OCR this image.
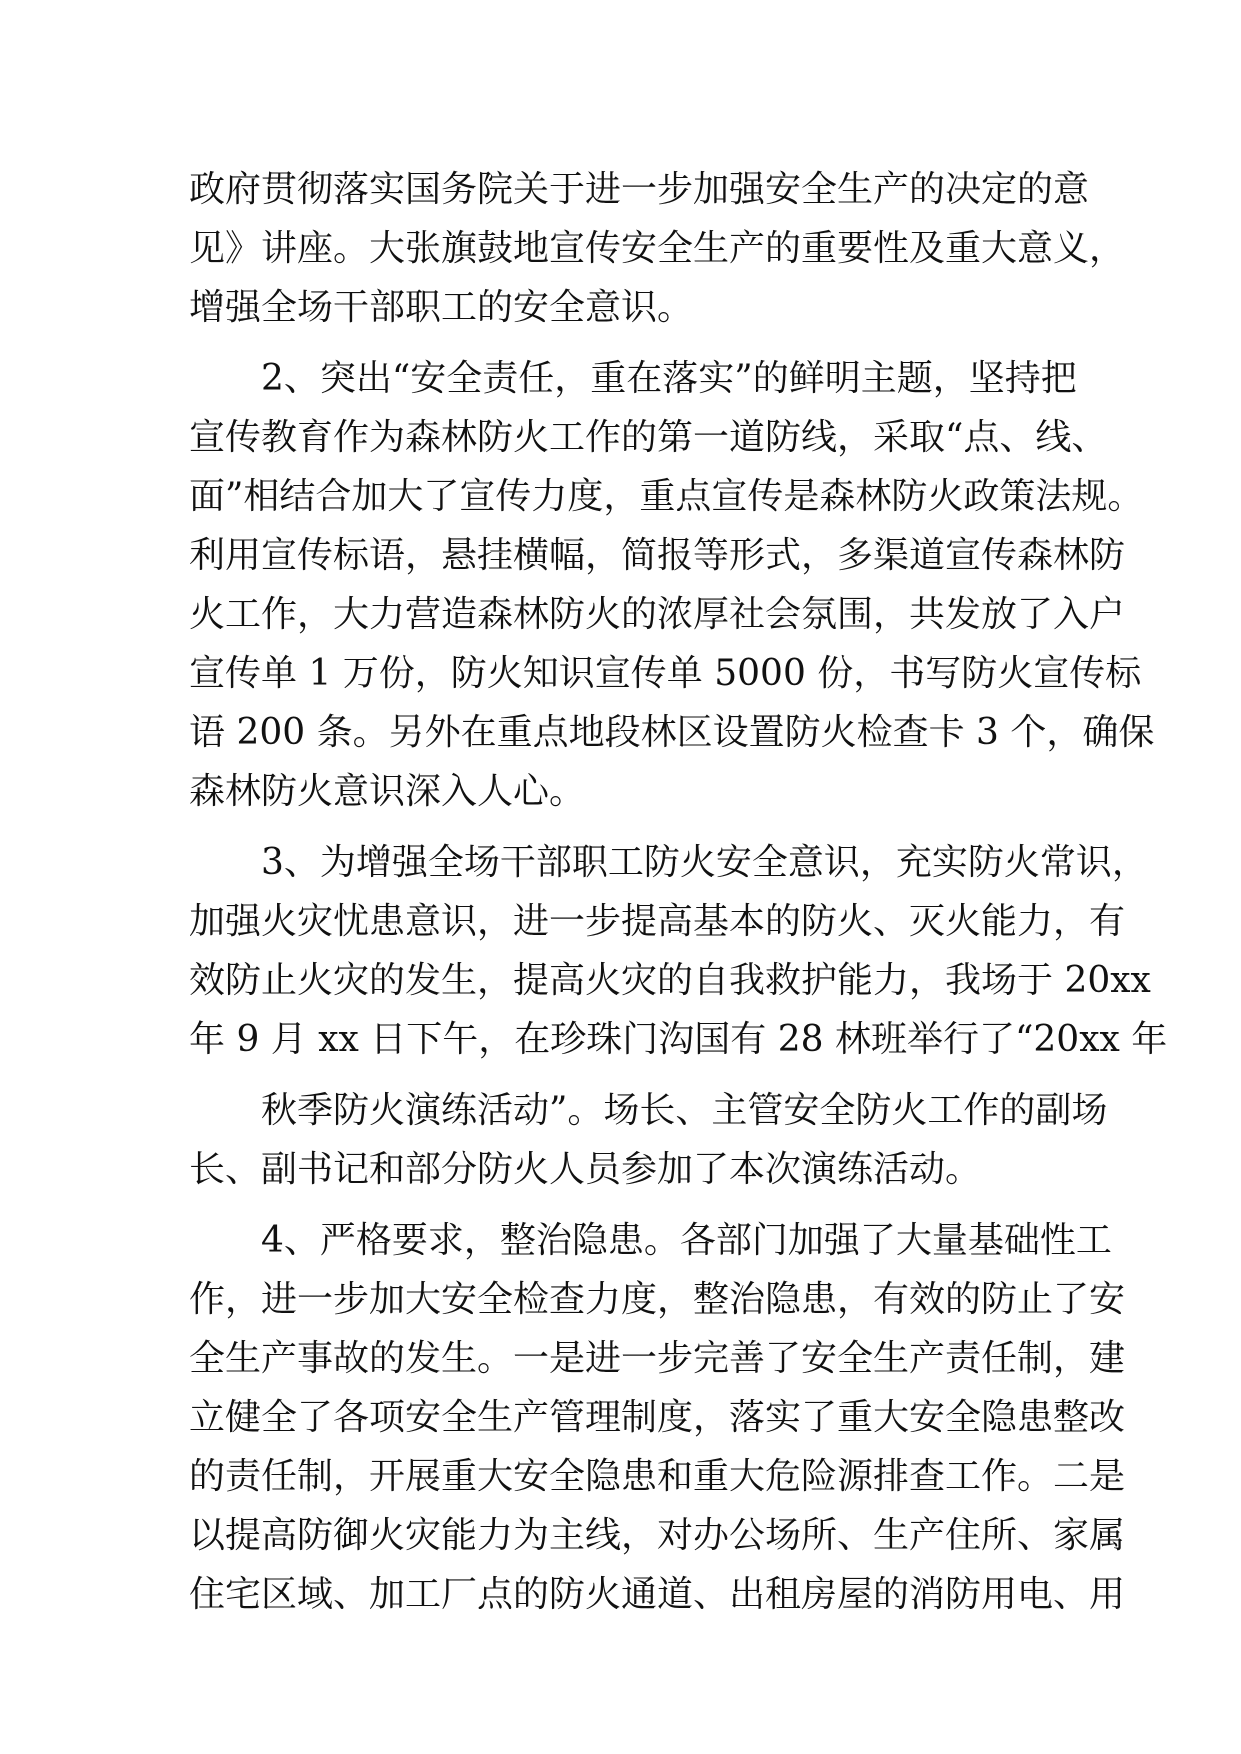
政府贯彻落实国务院关于进一步加强安全生产的决定的意
见》讲座。大张旗鼓地宣传安全生产的重要性及重大意义，
增强全场干部职工的安全意识。
2、突出“安全责任，重在落实”的鲜明主题，坚持把
宣传教育作为森林防火工作的第一道防线，采取“点、线、
面”相结合加大了宣传力度，重点宣传是森林防火政策法规。
利用宣传标语，悬挂横幅，简报等形式，多渠道宣传森林防
火工作，大力营造森林防火的浓厚社会氛围，共发放了入户
宣传单 1 万份，防火知识宣传单 5000 份，书写防火宣传标
语 200 条。另外在重点地段林区设置防火检查卡 3 个，确保
森林防火意识深入人心。
3、为增强全场干部职工防火安全意识，充实防火常识，
加强火灾忧患意识，进一步提高基本的防火、灭火能力，有
效防止火灾的发生，提高火灾的自我救护能力，我场于 20xx
年 9 月 xx 日下午，在珍珠门沟国有 28 林班举行了“20xx 年
秋季防火演练活动”。场长、主管安全防火工作的副场
长、副书记和部分防火人员参加了本次演练活动。
4、严格要求，整治隐患。各部门加强了大量基础性工
作，进一步加大安全检查力度，整治隐患，有效的防止了安
全生产事故的发生。一是进一步完善了安全生产责任制，建
立健全了各项安全生产管理制度，落实了重大安全隐患整改
的责任制，开展重大安全隐患和重大危险源排查工作。二是
以提高防御火灾能力为主线，对办公场所、生产住所、家属
住宅区域、加工厂点的防火通道、出租房屋的消防用电、用
